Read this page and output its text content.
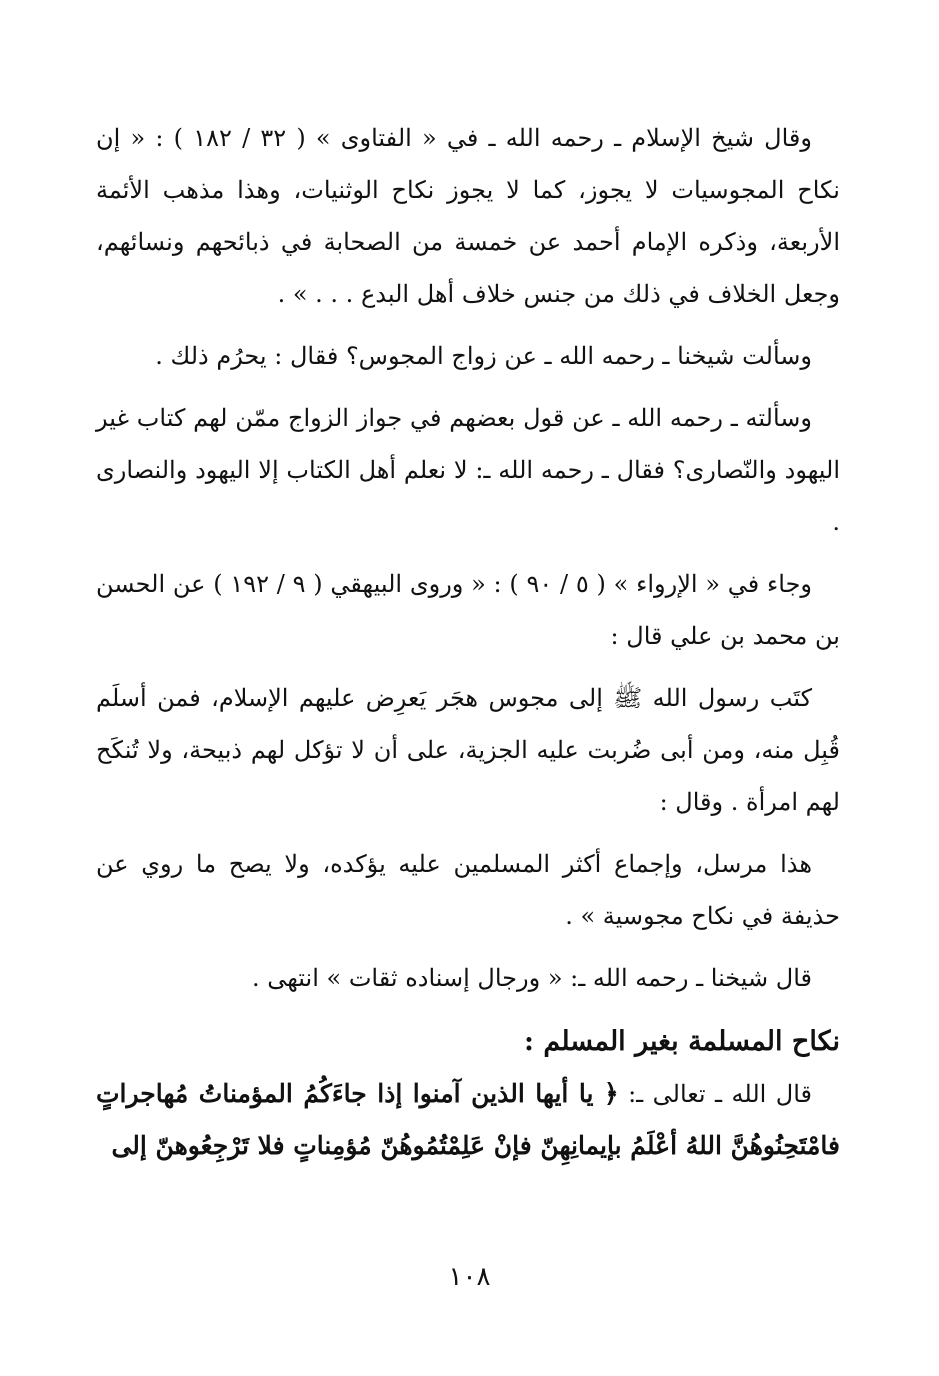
وقال شيخ الإسلام ـ رحمه الله ـ في « الفتاوى » ( ٣٢ / ١٨٢ ) : « إن نكاح المجوسيات لا يجوز، كما لا يجوز نكاح الوثنيات، وهذا مذهب الأئمة الأربعة، وذكره الإمام أحمد عن خمسة من الصحابة في ذبائحهم ونسائهم، وجعل الخلاف في ذلك من جنس خلاف أهل البدع . . . » .

وسألت شيخنا ـ رحمه الله ـ عن زواج المجوس؟ فقال : يحرُم ذلك .

وسألته ـ رحمه الله ـ عن قول بعضهم في جواز الزواج ممّن لهم كتاب غير اليهود والنّصارى؟ فقال ـ رحمه الله ـ: لا نعلم أهل الكتاب إلا اليهود والنصارى .

وجاء في « الإرواء » ( ٥ / ٩٠ ) : « وروى البيهقي ( ٩ / ١٩٢ ) عن الحسن بن محمد بن علي قال :

كتَب رسول الله ﷺ إلى مجوس هجَر يَعرِض عليهم الإسلام، فمن أسلَم قُبِل منه، ومن أبى ضُربت عليه الجزية، على أن لا تؤكل لهم ذبيحة، ولا تُنكَح لهم امرأة . وقال :

هذا مرسل، وإجماع أكثر المسلمين عليه يؤكده، ولا يصح ما روي عن حذيفة في نكاح مجوسية » .

قال شيخنا ـ رحمه الله ـ: « ورجال إسناده ثقات » انتهى .

نكاح المسلمة بغير المسلم :

قال الله ـ تعالى ـ: ﴿ يا أيها الذين آمنوا إذا جاءَكُمُ المؤمناتُ مُهاجراتٍ فامْتَحِنُوهُنَّ اللهُ أعْلَمُ بإيمانِهِنّ فإنْ عَلِمْتُمُوهُنّ مُؤمِناتٍ فلا تَرْجِعُوهنّ إلى

١٠٨
